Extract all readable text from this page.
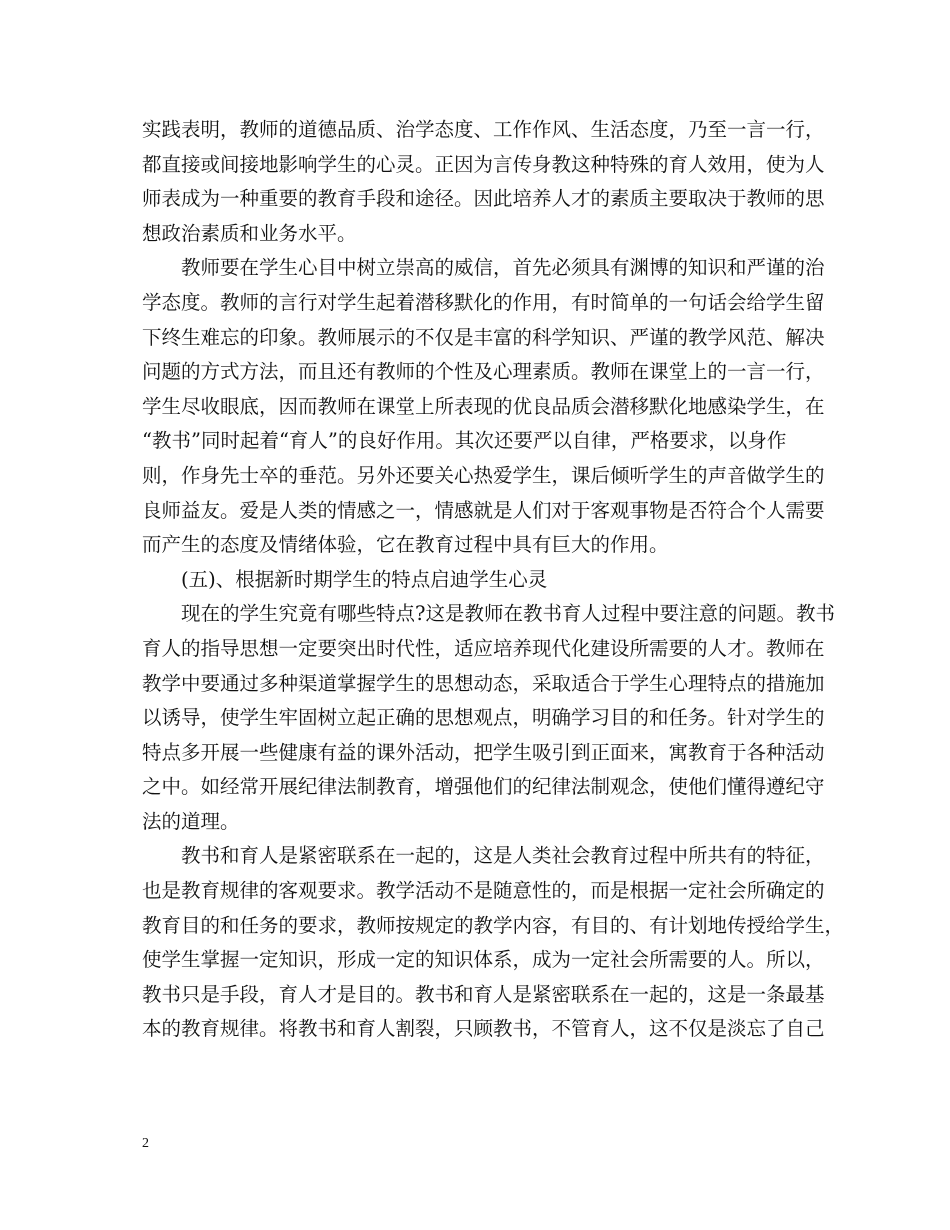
实践表明，教师的道德品质、治学态度、工作作风、生活态度，乃至一言一行，
都直接或间接地影响学生的心灵。正因为言传身教这种特殊的育人效用，使为人
师表成为一种重要的教育手段和途径。因此培养人才的素质主要取决于教师的思
想政治素质和业务水平。
教师要在学生心目中树立崇高的威信，首先必须具有渊博的知识和严谨的治
学态度。教师的言行对学生起着潜移默化的作用，有时简单的一句话会给学生留
下终生难忘的印象。教师展示的不仅是丰富的科学知识、严谨的教学风范、解决
问题的方式方法，而且还有教师的个性及心理素质。教师在课堂上的一言一行，
学生尽收眼底，因而教师在课堂上所表现的优良品质会潜移默化地感染学生，在
“教书”同时起着“育人”的良好作用。其次还要严以自律，严格要求，以身作
则，作身先士卒的垂范。另外还要关心热爱学生，课后倾听学生的声音做学生的
良师益友。爱是人类的情感之一，情感就是人们对于客观事物是否符合个人需要
而产生的态度及情绪体验，它在教育过程中具有巨大的作用。
(五)、根据新时期学生的特点启迪学生心灵
现在的学生究竟有哪些特点?这是教师在教书育人过程中要注意的问题。教书
育人的指导思想一定要突出时代性，适应培养现代化建设所需要的人才。教师在
教学中要通过多种渠道掌握学生的思想动态，采取适合于学生心理特点的措施加
以诱导，使学生牢固树立起正确的思想观点，明确学习目的和任务。针对学生的
特点多开展一些健康有益的课外活动，把学生吸引到正面来，寓教育于各种活动
之中。如经常开展纪律法制教育，增强他们的纪律法制观念，使他们懂得遵纪守
法的道理。
教书和育人是紧密联系在一起的，这是人类社会教育过程中所共有的特征，
也是教育规律的客观要求。教学活动不是随意性的，而是根据一定社会所确定的
教育目的和任务的要求，教师按规定的教学内容，有目的、有计划地传授给学生，
使学生掌握一定知识，形成一定的知识体系，成为一定社会所需要的人。所以，
教书只是手段，育人才是目的。教书和育人是紧密联系在一起的，这是一条最基
本的教育规律。将教书和育人割裂，只顾教书，不管育人，这不仅是淡忘了自己
2
